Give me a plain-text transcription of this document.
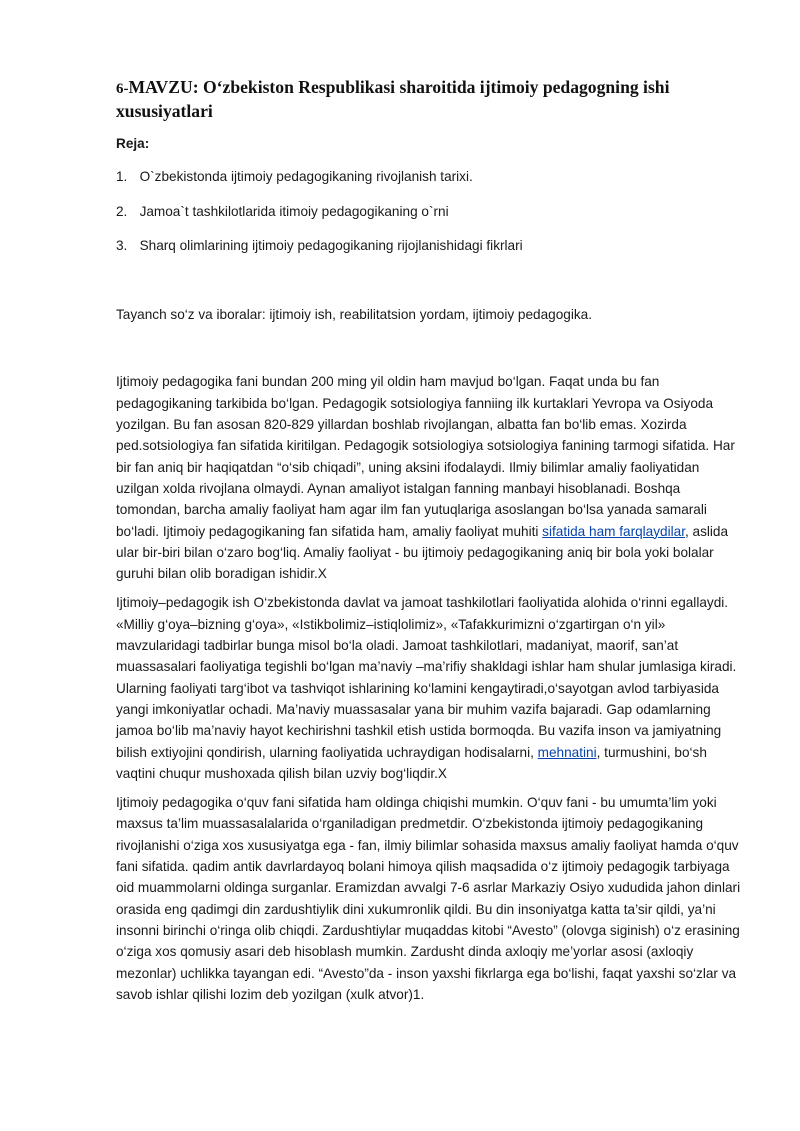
6-MAVZU: O‘zbekiston Respublikasi sharoitida ijtimoiy pedagogning ishi xususiyatlari
Reja:
1.
O`zbekistonda ijtimoiy pedagogikaning rivojlanish tarixi.
2.
Jamoa`t tashkilotlarida itimoiy pedagogikaning o`rni
3.
Sharq olimlarining ijtimoiy pedagogikaning rijojlanishidagi fikrlari

Tayanch so‘z va iboralar: ijtimoiy ish, reabilitatsion yordam, ijtimoiy pedagogika.

Ijtimoiy pedagogika fani bundan 200 ming yil oldin ham mavjud bo‘lgan. Faqat unda bu fan pedagogikaning tarkibida bo‘lgan. Pedagogik sotsiologiya fanniing ilk kurtaklari Yevropa va Osiyoda yozilgan. Bu fan asosan 820-829 yillardan boshlab rivojlangan, albatta fan bo‘lib emas. Xozirda ped.sotsiologiya fan sifatida kiritilgan. Pedagogik sotsiologiya sotsiologiya fanining tarmogi sifatida. Har bir fan aniq bir haqiqatdan “o‘sib chiqadi”, uning aksini ifodalaydi. Ilmiy bilimlar amaliy faoliyatidan uzilgan xolda rivojlana olmaydi. Aynan amaliyot istalgan fanning manbayi hisoblanadi. Boshqa tomondan, barcha amaliy faoliyat ham agar ilm fan yutuqlariga asoslangan bo‘lsa yanada samarali bo‘ladi. Ijtimoiy pedagogikaning fan sifatida ham, amaliy faoliyat muhiti sifatida ham farqlaydilar, aslida ular bir-biri bilan o‘zaro bog‘liq. Amaliy faoliyat - bu ijtimoiy pedagogikaning aniq bir bola yoki bolalar guruhi bilan olib boradigan ishidir.X

Ijtimoiy–pedagogik ish O‘zbekistonda davlat va jamoat tashkilotlari faoliyatida alohida o‘rinni egallaydi. «Milliy g‘oya–bizning g‘oya», «Istikbolimiz–istiqlolimiz», «Tafakkurimizni o‘zgartirgan o‘n yil» mavzularidagi tadbirlar bunga misol bo‘la oladi. Jamoat tashkilotlari, madaniyat, maorif, san’at muassasalari faoliyatiga tegishli bo‘lgan ma’naviy –ma’rifiy shakldagi ishlar ham shular jumlasiga kiradi. Ularning faoliyati targ‘ibot va tashviqot ishlarining ko‘lamini kengaytiradi,o‘sayotgan avlod tarbiyasida yangi imkoniyatlar ochadi. Ma’naviy muassasalar yana bir muhim vazifa bajaradi. Gap odamlarning jamoa bo‘lib ma’naviy hayot kechirishni tashkil etish ustida bormoqda. Bu vazifa inson va jamiyatning bilish extiyojini qondirish, ularning faoliyatida uchraydigan hodisalarni, mehnatini, turmushini, bo‘sh vaqtini chuqur mushoxada qilish bilan uzviy bog‘liqdir.X

Ijtimoiy pedagogika o‘quv fani sifatida ham oldinga chiqishi mumkin. O‘quv fani - bu umumta’lim yoki maxsus ta’lim muassasalalarida o‘rganiladigan predmetdir. O‘zbekistonda ijtimoiy pedagogikaning rivojlanishi o‘ziga xos xususiyatga ega - fan, ilmiy bilimlar sohasida maxsus amaliy faoliyat hamda o‘quv fani sifatida. qadim antik davrlardayoq bolani himoya qilish maqsadida o‘z ijtimoiy pedagogik tarbiyaga oid muammolarni oldinga surganlar. Eramizdan avvalgi 7-6 asrlar Markaziy Osiyo xududida jahon dinlari orasida eng qadimgi din zardushtiylik dini xukumronlik qildi. Bu din insoniyatga katta ta’sir qildi, ya’ni insonni birinchi o‘ringa olib chiqdi. Zardushtiylar muqaddas kitobi “Avesto” (olovga siginish) o‘z erasining o‘ziga xos qomusiy asari deb hisoblash mumkin. Zardusht dinda axloqiy me’yorlar asosi (axloqiy mezonlar) uchlikka tayangan edi. “Avesto”da - inson yaxshi fikrlarga ega bo‘lishi, faqat yaxshi so‘zlar va savob ishlar qilishi lozim deb yozilgan (xulk atvor)1.
